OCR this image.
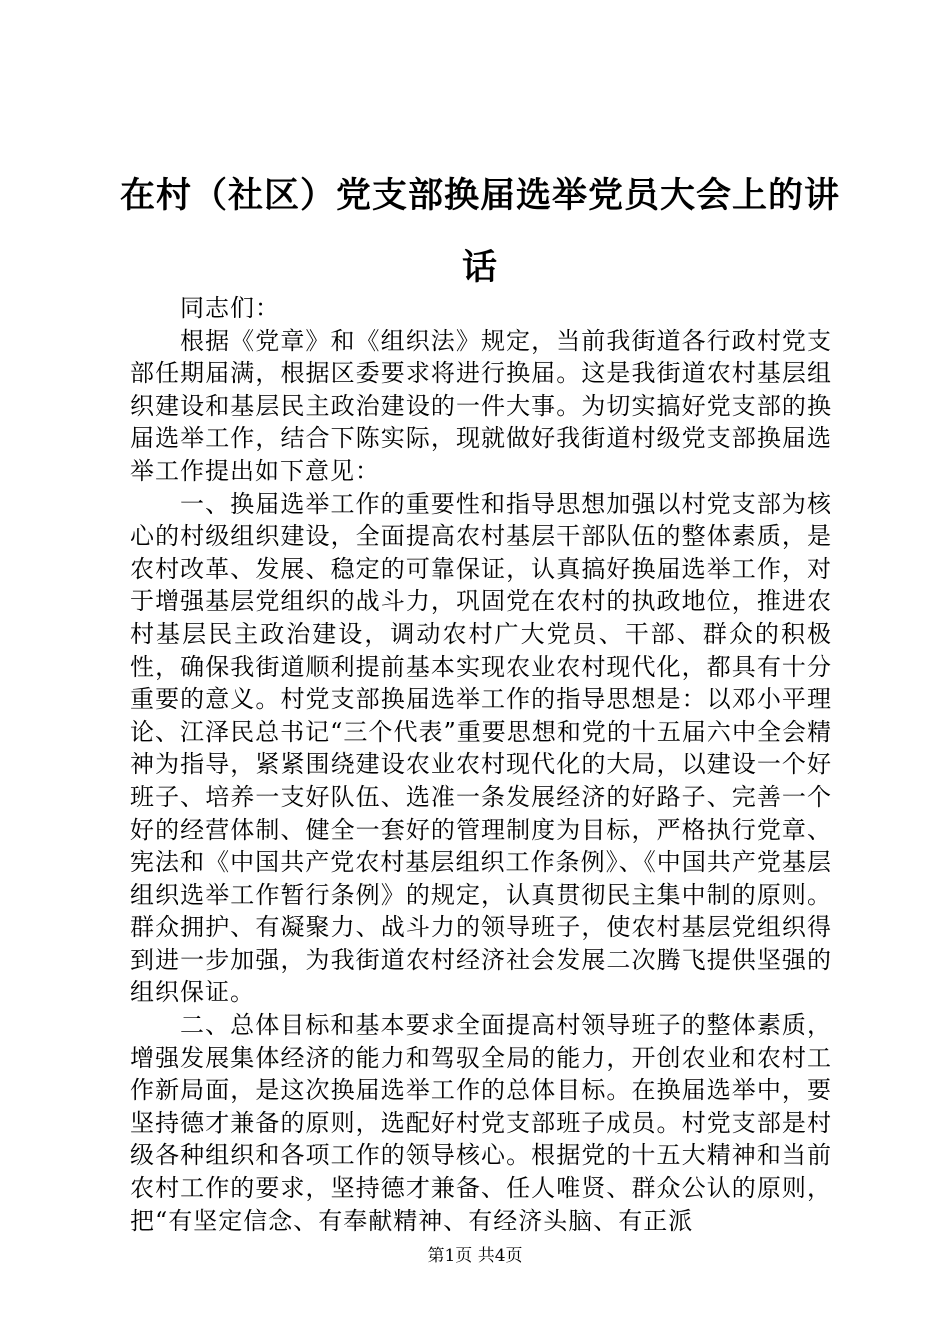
在村（社区）党支部换届选举党员大会上的讲话

同志们：

根据《党章》和《组织法》规定，当前我街道各行政村党支部任期届满，根据区委要求将进行换届。这是我街道农村基层组织建设和基层民主政治建设的一件大事。为切实搞好党支部的换届选举工作，结合下陈实际，现就做好我街道村级党支部换届选举工作提出如下意见：

一、换届选举工作的重要性和指导思想加强以村党支部为核心的村级组织建设，全面提高农村基层干部队伍的整体素质，是农村改革、发展、稳定的可靠保证，认真搞好换届选举工作，对于增强基层党组织的战斗力，巩固党在农村的执政地位，推进农村基层民主政治建设，调动农村广大党员、干部、群众的积极性，确保我街道顺利提前基本实现农业农村现代化，都具有十分重要的意义。村党支部换届选举工作的指导思想是：以邓小平理论、江泽民总书记“三个代表”重要思想和党的十五届六中全会精神为指导，紧紧围绕建设农业农村现代化的大局，以建设一个好班子、培养一支好队伍、选准一条发展经济的好路子、完善一个好的经营体制、健全一套好的管理制度为目标，严格执行党章、宪法和《中国共产党农村基层组织工作条例》、《中国共产党基层组织选举工作暂行条例》的规定，认真贯彻民主集中制的原则。群众拥护、有凝聚力、战斗力的领导班子，使农村基层党组织得到进一步加强，为我街道农村经济社会发展二次腾飞提供坚强的组织保证。

二、总体目标和基本要求全面提高村领导班子的整体素质，增强发展集体经济的能力和驾驭全局的能力，开创农业和农村工作新局面，是这次换届选举工作的总体目标。在换届选举中，要坚持德才兼备的原则，选配好村党支部班子成员。村党支部是村级各种组织和各项工作的领导核心。根据党的十五大精神和当前农村工作的要求，坚持德才兼备、任人唯贤、群众公认的原则，把“有坚定信念、有奉献精神、有经济头脑、有正派

第1页 共4页
